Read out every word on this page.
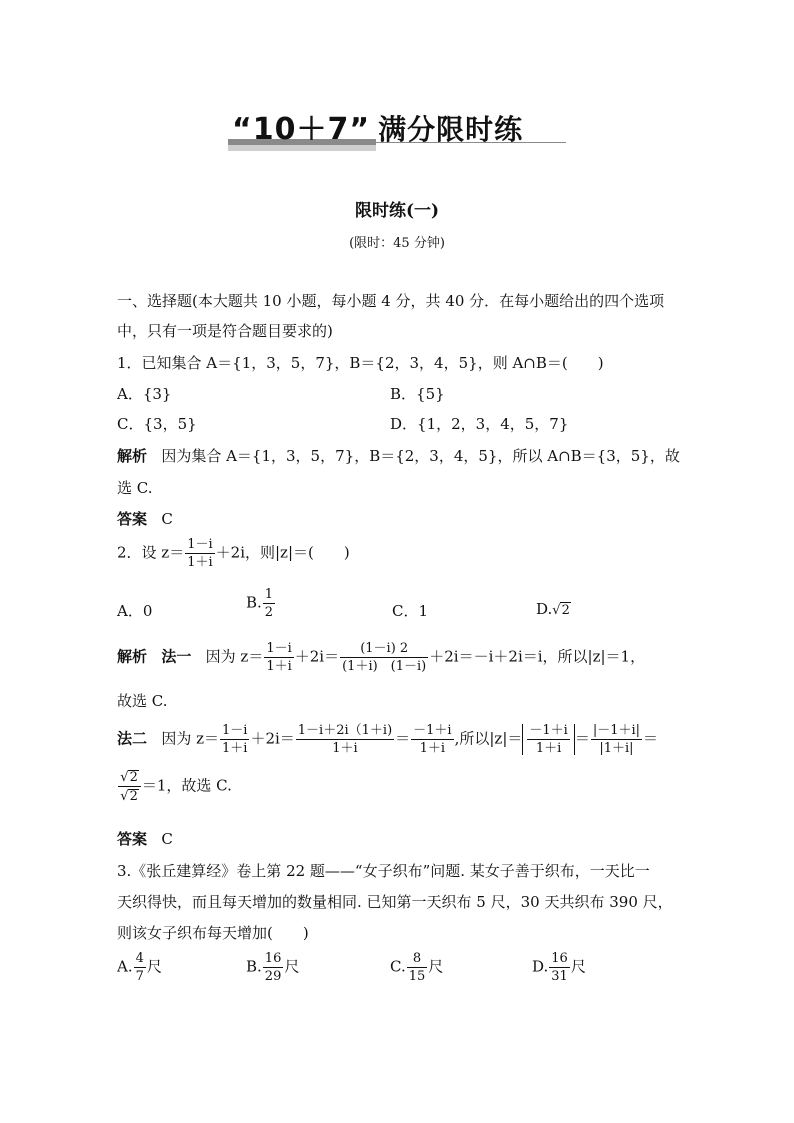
“10＋7” 满分限时练
限时练(一)
(限时：45 分钟)
一、选择题(本大题共 10 小题，每小题 4 分，共 40 分．在每小题给出的四个选项
中，只有一项是符合题目要求的)
1．已知集合 A＝{1，3，5，7}，B＝{2，3，4，5}，则 A∩B＝(　　)
A．{3}	B．{5}
C．{3，5}	D．{1，2，3，4，5，7}
解析 因为集合 A＝{1，3，5，7}，B＝{2，3，4，5}，所以 A∩B＝{3，5}，故
选 C.
答案 C
2．设 $z= \frac{1-i}{1+i} +2i$，则|z|＝(　　)
A．0	B. $\frac{1}{2}$	C．1	D.√ 2
解析 法一 因为 $z= \frac{1-i}{1+i} +2i= \frac{(1-i) 2}{(1+i) (1-i)} +2i=-i+2i=i$，所以|z|＝1，
故选 C.
法二 因为 $z= \frac{1-i}{1+i} +2i= \frac{1-i+2i(1+i)}{1+i} = \frac{-1+i}{1+i}$ ,所以$|z|= \frac{-1+i}{1+i} = \frac{|-1+i|}{|1+i|}$ ＝
√ 2
√ 2 ＝1，故选 C.
答案 C
3.《张丘建算经》卷上第 22 题——“女子织布”问题. 某女子善于织布，一天比一
天织得快，而且每天增加的数量相同. 已知第一天织布 5 尺，30 天共织布 390 尺，
则该女子织布每天增加(　　)
A. $\frac{4}{7}$ 尺	B. $\frac{16}{29}$ 尺	C. $\frac{8}{15}$ 尺	D. $\frac{16}{31}$ 尺
